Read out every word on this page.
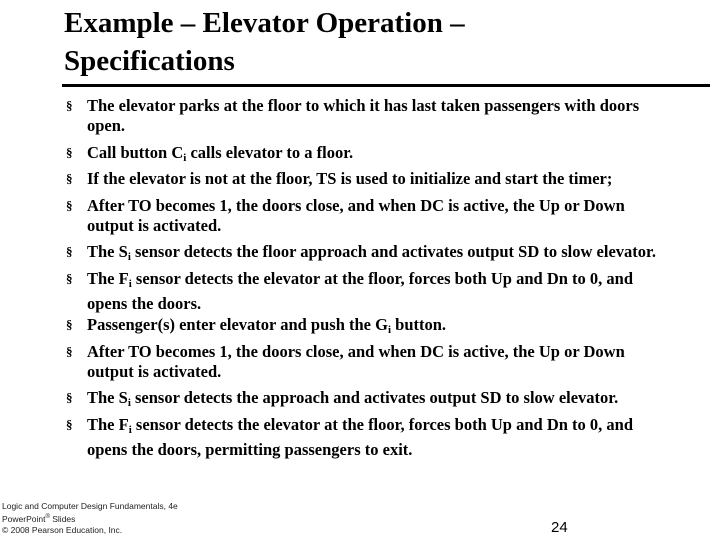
Example – Elevator Operation –
Specifications
§ The elevator parks at the floor to which it has last taken passengers with doors open.
§ Call button $C_i$ calls elevator to a floor.
§ If the elevator is not at the floor, TS is used to initialize and start the timer;
§ After TO becomes 1, the doors close, and when DC is active, the Up or Down output is activated.
§ The $S_i$ sensor detects the floor approach and activates output SD to slow elevator.
§ The $F_i$ sensor detects the elevator at the floor, forces both Up and Dn to 0, and opens the doors.
§ Passenger(s) enter elevator and push the $G_i$ button.
§ After TO becomes 1, the doors close, and when DC is active, the Up or Down output is activated.
§ The $S_i$ sensor detects the approach and activates output SD to slow elevator.
§ The $F_i$ sensor detects the elevator at the floor, forces both Up and Dn to 0, and opens the doors, permitting passengers to exit.
Logic and Computer Design Fundamentals, 4e
PowerPoint® Slides
© 2008 Pearson Education, Inc.	24
